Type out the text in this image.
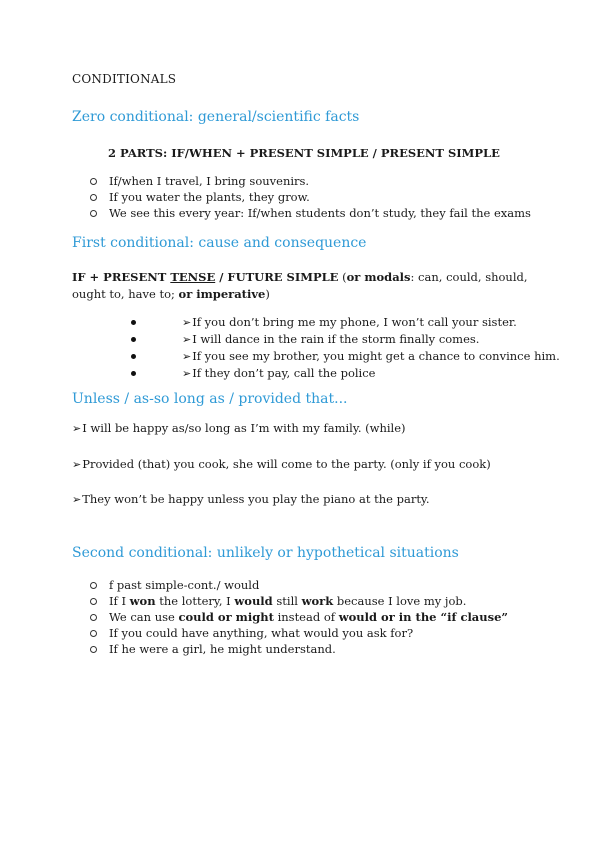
CONDITIONALS
Zero conditional: general/scientific facts
2 PARTS: IF/WHEN + PRESENT SIMPLE / PRESENT SIMPLE
If/when I travel, I bring souvenirs.
If you water the plants, they grow.
We see this every year: If/when students don’t study, they fail the exams
First conditional: cause and consequence
IF + PRESENT TENSE / FUTURE SIMPLE (or modals: can, could, should,
ought to, have to; or imperative)
➢If you don’t bring me my phone, I won’t call your sister.
➢I will dance in the rain if the storm finally comes.
➢If you see my brother, you might get a chance to convince him.
➢If they don’t pay, call the police
Unless / as-so long as / provided that...
➢I will be happy as/so long as I’m with my family. (while)
➢Provided (that) you cook, she will come to the party. (only if you cook)
➢They won’t be happy unless you play the piano at the party.
Second conditional: unlikely or hypothetical situations
f past simple-cont./ would
If I won the lottery, I would still work because I love my job.
We can use could or might instead of would or in the “if clause”
If you could have anything, what would you ask for?
If he were a girl, he might understand.
